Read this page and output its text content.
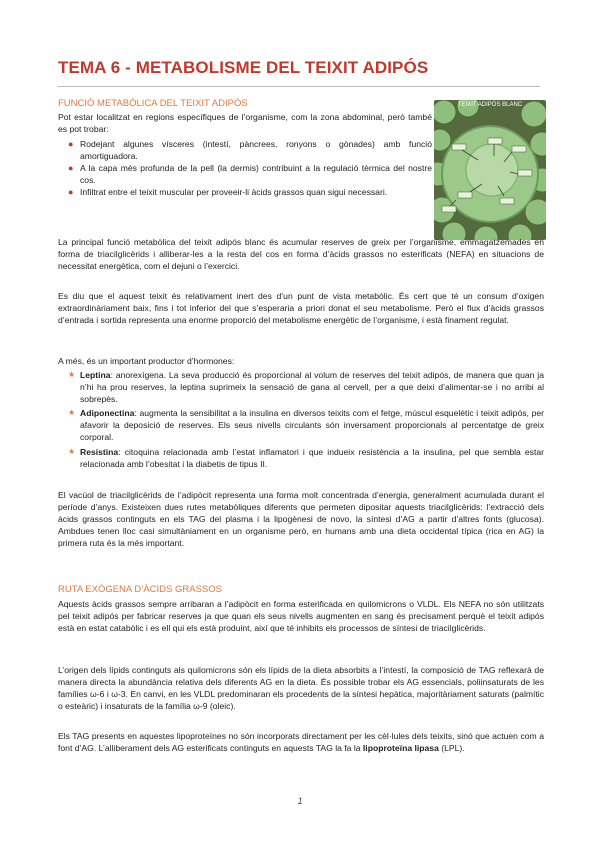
TEMA 6 - METABOLISME DEL TEIXIT ADIPÓS
FUNCIÓ METABÒLICA DEL TEIXIT ADIPÓS

Pot estar localitzat en regions específiques de l’organisme, com la zona abdominal, però també es pot trobar:

● Rodejant algunes vísceres (intestí, pàncrees, ronyons o gònades) amb funció amortiguadora.
● A la capa més profunda de la pell (la dermis) contribuint a la regulació tèrmica del nostre cos.
● Infiltrat entre el teixit muscular per proveeir-li àcids grassos quan sigui necessari.
TEIXIT ADIPÓS BLANC

La principal funció metabòlica del teixit adipós blanc és acumular reserves de greix per l’organisme, emmagatzemades en forma de triacilglicèrids i alliberar-les a la resta del cos en forma d’àcids grassos no esterificats (NEFA) en situacions de necessitat energètica, com el dejuni o l’exercici.

Es diu que el aquest teixit és relativament inert des d’un punt de vista metabòlic. És cert que té un consum d’oxigen extraordinàriament baix, fins i tot inferior del que s’esperaria a priori donat el seu metabolisme. Però el flux d’àcids grassos d’entrada i sortida representa una enorme proporció del metabolisme energètic de l’organisme, i està finament regulat.

A més, és un important productor d’hormones:

★ Leptina: anorexígena. La seva producció és proporcional al volum de reserves del teixit adipós, de manera que quan ja n’hi ha prou reserves, la leptina suprimeix la sensació de gana al cervell, per a que deixi d’alimentar-se i no arribi al sobrepès.
★ Adiponectina: augmenta la sensibilitat a la insulina en diversos teixits com el fetge, múscul esquelètic i teixit adipós, per afavorir la deposició de reserves. Els seus nivells circulants són inversament proporcionals al percentatge de greix corporal.
★ Resistina: citoquina relacionada amb l’estat inflamatori i que indueix resistència a la insulina, pel que sembla estar relacionada amb l’obesitat i la diabetis de tipus II.

El vacúol de triacilglicèrids de l’adipòcit representa una forma molt concentrada d’energia, generalment acumulada durant el període d’anys. Existeixen dues rutes metabòliques diferents que permeten dipositar aquests triacilglicèrids: l’extracció dels àcids grassos continguts en els TAG del plasma i la lipogènesi de novo, la síntesi d’AG a partir d’altres fonts (glucosa). Ambdues tenen lloc casi simultàniament en un organisme però, en humans amb una dieta occidental típica (rica en AG) la primera ruta és la més important.

RUTA EXÒGENA D’ÀCIDS GRASSOS

Aquests àcids grassos sempre arribaran a l’adipòcit en forma esterificada en quilomicrons o VLDL. Els NEFA no són utilitzats pel teixit adipós per fabricar reserves ja que quan els seus nivells augmenten en sang és precisament perquè el teixit adipós està en estat catabòlic i es ell qui els està produint, així que té inhibits els processos de síntesi de triacilglicèrids.

L’origen dels lípids continguts als quilomicrons són els lípids de la dieta absorbits a l’intestí, la composició de TAG reflexarà de manera directa la abundància relativa dels diferents AG en la dieta. És possible trobar els AG essencials, poliinsaturats de les famílies ω-6 i ω-3. En canvi, en les VLDL predominaran els procedents de la síntesi hepàtica, majoritàriament saturats (palmític o esteàric) i insaturats de la família ω-9 (oleic).

Els TAG presents en aquestes lipoproteïnes no són incorporats directament per les cèl·lules dels teixits, sinó que actuen com a font d’AG. L’alliberament dels AG esterificats continguts en aquests TAG la fa la lipoproteïna lipasa (LPL).

1
